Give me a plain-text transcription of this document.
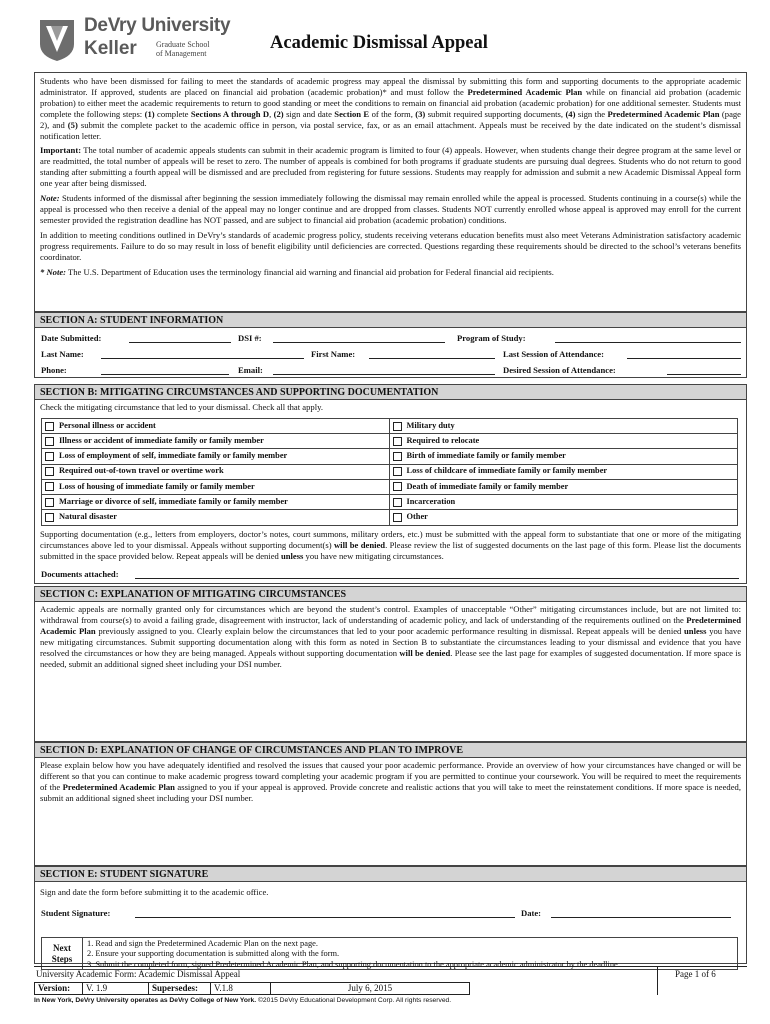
DeVry University
Keller Graduate School
of Management
Academic Dismissal Appeal

Students who have been dismissed for failing to meet the standards of academic progress may appeal the dismissal by submitting this form and supporting documents to the appropriate academic administrator. If approved, students are placed on financial aid probation (academic probation)* and must follow the Predetermined Academic Plan while on financial aid probation (academic probation) to either meet the academic requirements to return to good standing or meet the conditions to remain on financial aid probation (academic probation) for one additional semester. Students must complete the following steps: (1) complete Sections A through D, (2) sign and date Section E of the form, (3) submit required supporting documents, (4) sign the Predetermined Academic Plan (page 2), and (5) submit the complete packet to the academic office in person, via postal service, fax, or as an email attachment. Appeals must be received by the date indicated on the student’s dismissal notification letter.

Important: The total number of academic appeals students can submit in their academic program is limited to four (4) appeals. However, when students change their degree program at the same level or are readmitted, the total number of appeals will be reset to zero. The number of appeals is combined for both programs if graduate students are pursuing dual degrees. Students who do not return to good standing after submitting a fourth appeal will be dismissed and are precluded from registering for future sessions. Students may reapply for admission and submit a new Academic Dismissal Appeal form one year after being dismissed.

Note: Students informed of the dismissal after beginning the session immediately following the dismissal may remain enrolled while the appeal is processed. Students continuing in a course(s) while the appeal is processed who then receive a denial of the appeal may no longer continue and are dropped from classes. Students NOT currently enrolled whose appeal is approved may enroll for the current semester provided the registration deadline has NOT passed, and are subject to financial aid probation (academic probation) conditions.

In addition to meeting conditions outlined in DeVry’s standards of academic progress policy, students receiving veterans education benefits must also meet Veterans Administration satisfactory academic progress requirements. Failure to do so may result in loss of benefit eligibility until deficiencies are corrected. Questions regarding these requirements should be directed to the school’s veterans benefits coordinator.

* Note: The U.S. Department of Education uses the terminology financial aid warning and financial aid probation for Federal financial aid recipients.

SECTION A: STUDENT INFORMATION
Date Submitted:	DSI #:	Program of Study:
Last Name:	First Name:	Last Session of Attendance:
Phone:	Email:	Desired Session of Attendance:
SECTION B: MITIGATING CIRCUMSTANCES AND SUPPORTING DOCUMENTATION
Check the mitigating circumstance that led to your dismissal. Check all that apply.
Personal illness or accident	Military duty
Illness or accident of immediate family or family member	Required to relocate
Loss of employment of self, immediate family or family member	Birth of immediate family or family member
Required out-of-town travel or overtime work	Loss of childcare of immediate family or family member
Loss of housing of immediate family or family member	Death of immediate family or family member
Marriage or divorce of self, immediate family or family member	Incarceration
Natural disaster	Other
Supporting documentation (e.g., letters from employers, doctor’s notes, court summons, military orders, etc.) must be submitted with the appeal form to substantiate that one or more of the mitigating circumstances above led to your dismissal. Appeals without supporting document(s) will be denied. Please review the list of suggested documents on the last page of this form. Please list the documents submitted in the space provided below. Repeat appeals will be denied unless you have new mitigating circumstances.
Documents attached:
SECTION C: EXPLANATION OF MITIGATING CIRCUMSTANCES
Academic appeals are normally granted only for circumstances which are beyond the student’s control. Examples of unacceptable “Other” mitigating circumstances include, but are not limited to: withdrawal from course(s) to avoid a failing grade, disagreement with instructor, lack of understanding of academic policy, and lack of understanding of the requirements outlined on the Predetermined Academic Plan previously assigned to you. Clearly explain below the circumstances that led to your poor academic performance resulting in dismissal. Repeat appeals will be denied unless you have new mitigating circumstances. Submit supporting documentation along with this form as noted in Section B to substantiate the circumstances leading to your dismissal and evidence that you have resolved the circumstances or how they are being managed. Appeals without supporting documentation will be denied. Please see the last page for examples of suggested documentation. If more space is needed, submit an additional signed sheet including your DSI number.
SECTION D: EXPLANATION OF CHANGE OF CIRCUMSTANCES AND PLAN TO IMPROVE
Please explain below how you have adequately identified and resolved the issues that caused your poor academic performance. Provide an overview of how your circumstances have changed or will be different so that you can continue to make academic progress toward completing your academic program if you are permitted to continue your coursework. You will be required to meet the requirements of the Predetermined Academic Plan assigned to you if your appeal is approved. Provide concrete and realistic actions that you will take to meet the reinstatement conditions. If more space is needed, submit an additional signed sheet including your DSI number.
SECTION E: STUDENT SIGNATURE
Sign and date the form before submitting it to the academic office.
Student Signature:	Date:
Next
Steps
1. Read and sign the Predetermined Academic Plan on the next page.
2. Ensure your supporting documentation is submitted along with the form.
3. Submit the completed form, signed Predetermined Academic Plan, and supporting documentation to the appropriate academic administrator by the deadline.
University Academic Form: Academic Dismissal Appeal	Page 1 of 6
Version:	V. 1.9	Supersedes:	V.1.8	July 6, 2015
In New York, DeVry University operates as DeVry College of New York. ©2015 DeVry Educational Development Corp. All rights reserved.
